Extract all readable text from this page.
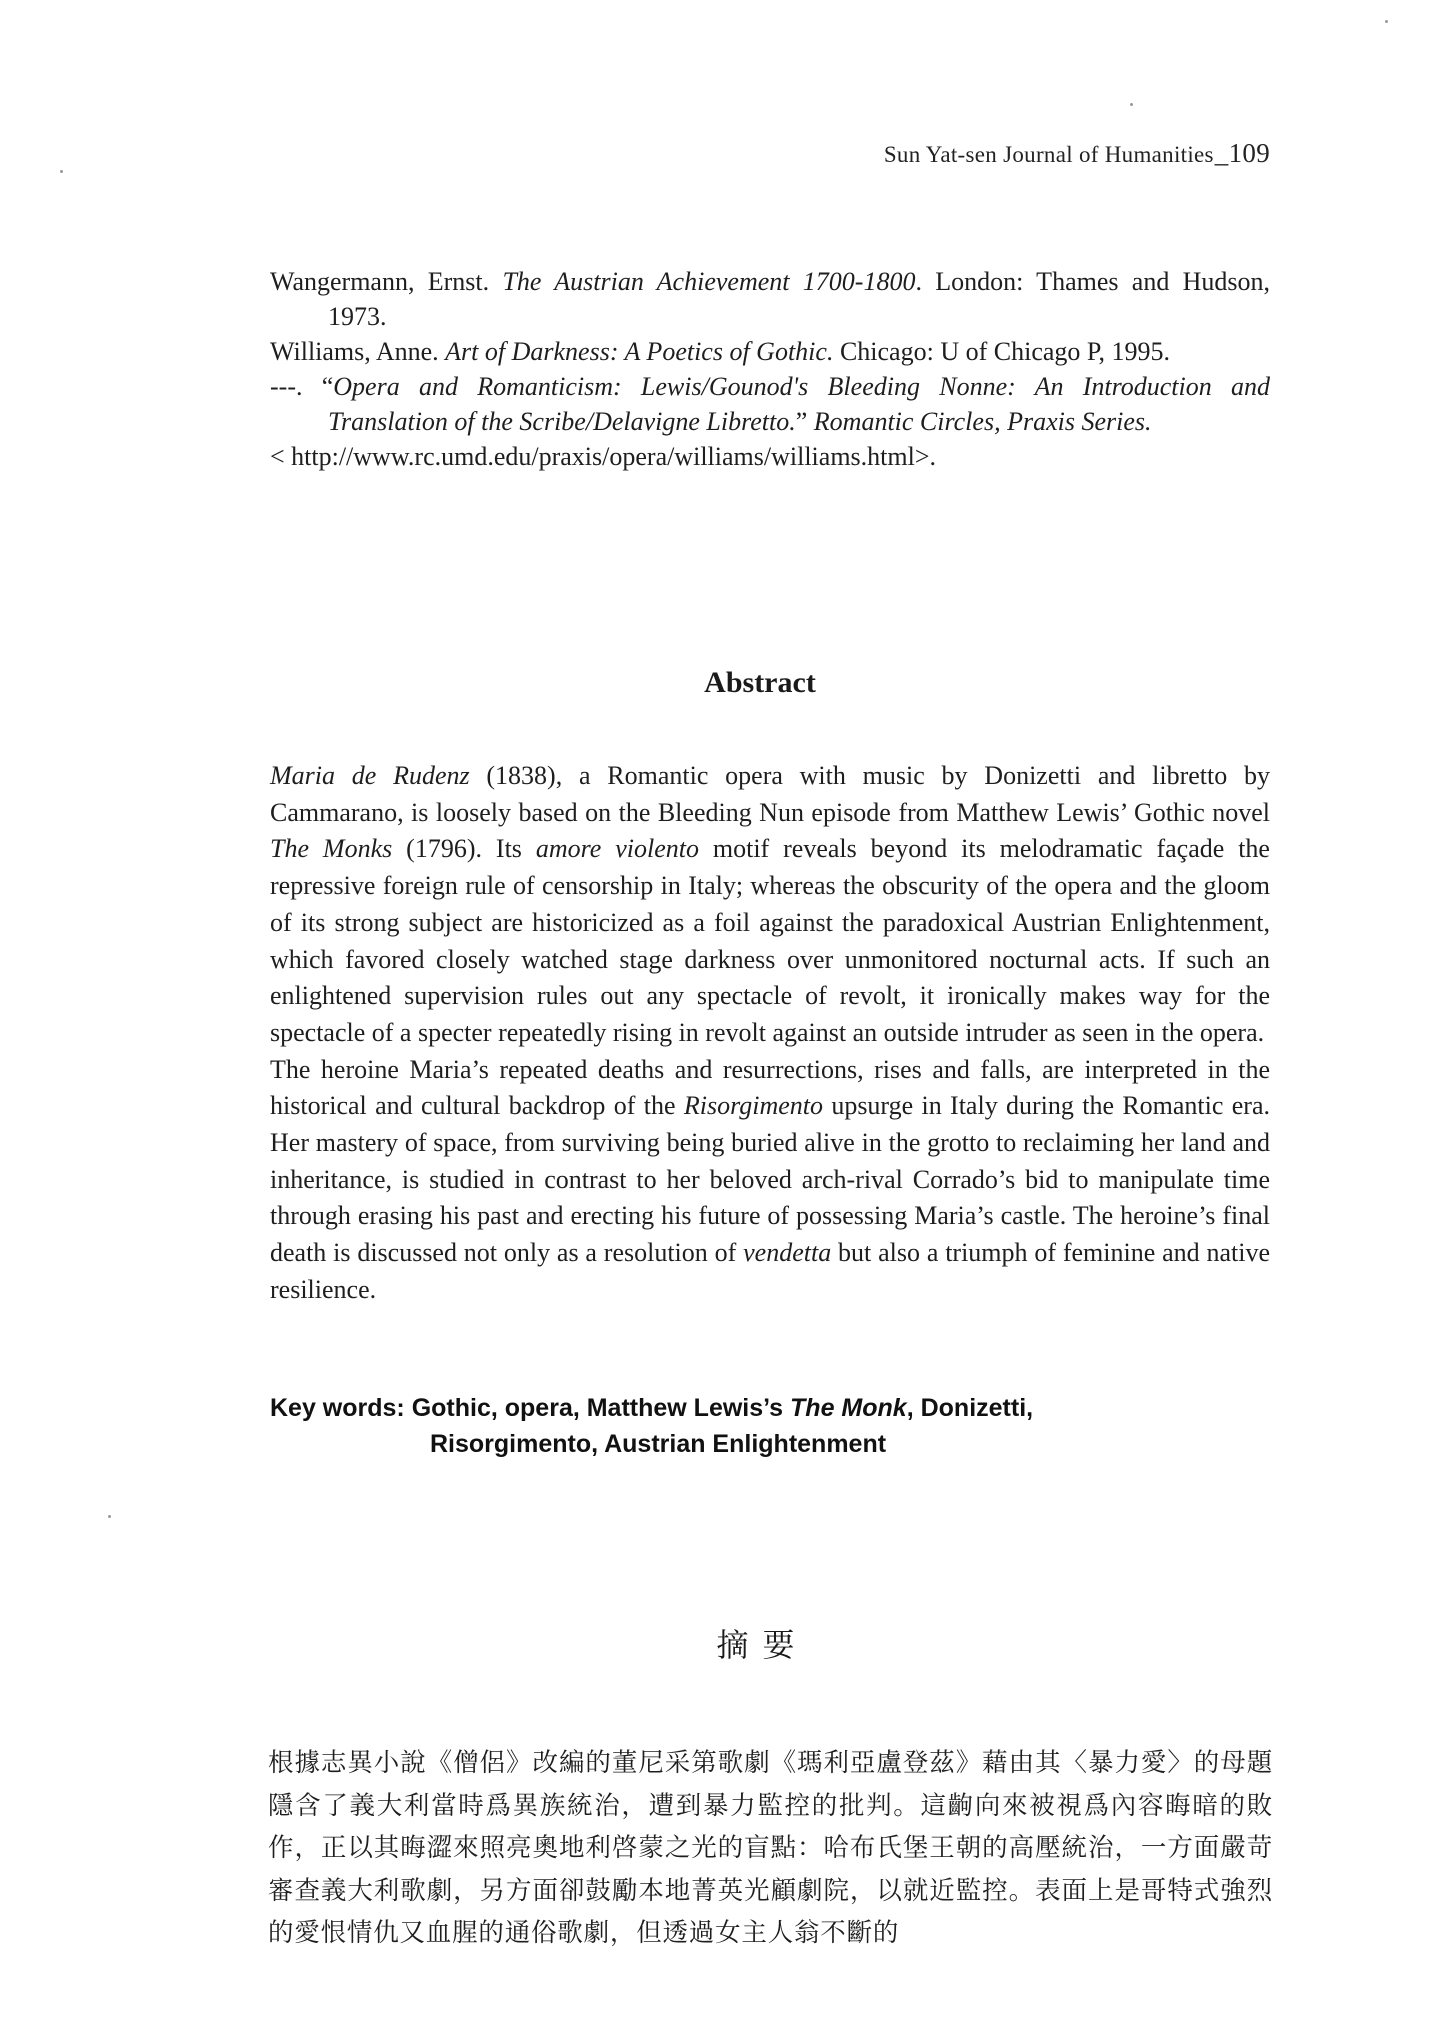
Sun Yat-sen Journal of Humanities_109

Wangermann, Ernst. The Austrian Achievement 1700-1800. London: Thames and Hudson, 1973.

Williams, Anne. Art of Darkness: A Poetics of Gothic. Chicago: U of Chicago P, 1995.

---. “Opera and Romanticism: Lewis/Gounod's Bleeding Nonne: An Introduction and Translation of the Scribe/Delavigne Libretto.” Romantic Circles, Praxis Series.

< http://www.rc.umd.edu/praxis/opera/williams/williams.html>.

Abstract

Maria de Rudenz (1838), a Romantic opera with music by Donizetti and libretto by Cammarano, is loosely based on the Bleeding Nun episode from Matthew Lewis’ Gothic novel The Monks (1796). Its amore violento motif reveals beyond its melodramatic façade the repressive foreign rule of censorship in Italy; whereas the obscurity of the opera and the gloom of its strong subject are historicized as a foil against the paradoxical Austrian Enlightenment, which favored closely watched stage darkness over unmonitored nocturnal acts. If such an enlightened supervision rules out any spectacle of revolt, it ironically makes way for the spectacle of a specter repeatedly rising in revolt against an outside intruder as seen in the opera.

The heroine Maria’s repeated deaths and resurrections, rises and falls, are interpreted in the historical and cultural backdrop of the Risorgimento upsurge in Italy during the Romantic era. Her mastery of space, from surviving being buried alive in the grotto to reclaiming her land and inheritance, is studied in contrast to her beloved arch-rival Corrado’s bid to manipulate time through erasing his past and erecting his future of possessing Maria’s castle. The heroine’s final death is discussed not only as a resolution of vendetta but also a triumph of feminine and native resilience.

Key words: Gothic, opera, Matthew Lewis’s The Monk, Donizetti,
Risorgimento, Austrian Enlightenment
摘要

根據志異小說《僧侶》改編的董尼采第歌劇《瑪利亞盧登茲》藉由其〈暴力愛〉的母題隱含了義大利當時爲異族統治，遭到暴力監控的批判。這齣向來被視爲內容晦暗的敗作，正以其晦澀來照亮奧地利啓蒙之光的盲點：哈布氏堡王朝的高壓統治，一方面嚴苛審查義大利歌劇，另方面卻鼓勵本地菁英光顧劇院，以就近監控。表面上是哥特式強烈的愛恨情仇又血腥的通俗歌劇，但透過女主人翁不斷的
